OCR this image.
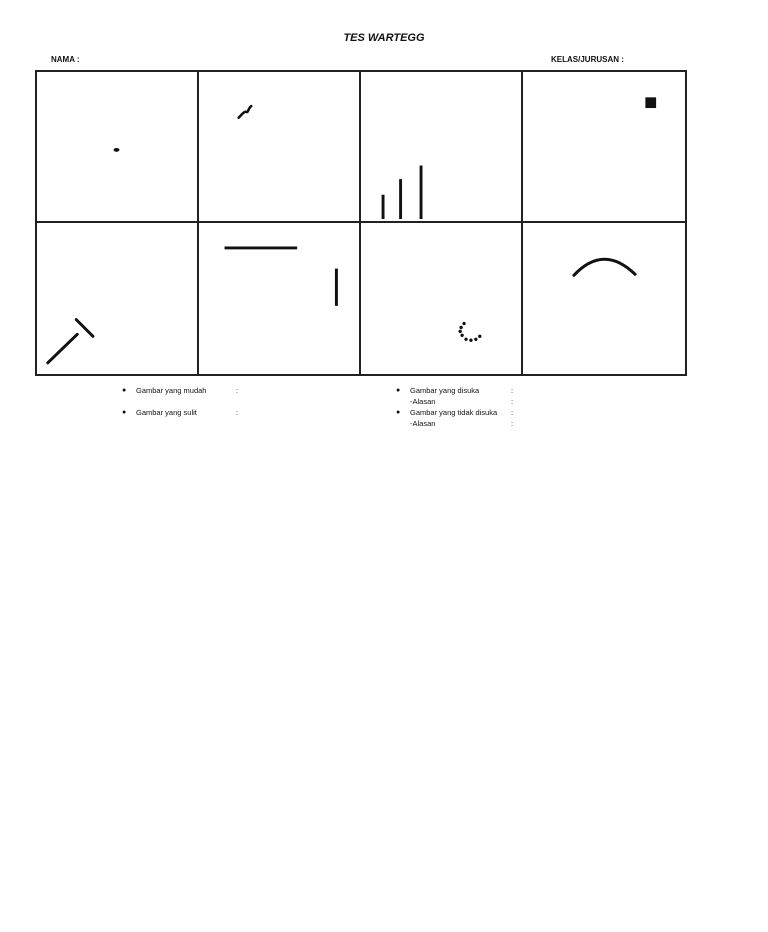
TES WARTEGG
NAMA :	KELAS/JURUSAN :
● Gambar yang mudah	:
● Gambar yang sulit	:
● Gambar yang disuka	:
-Alasan	:
● Gambar yang tidak disuka :
-Alasan	:
